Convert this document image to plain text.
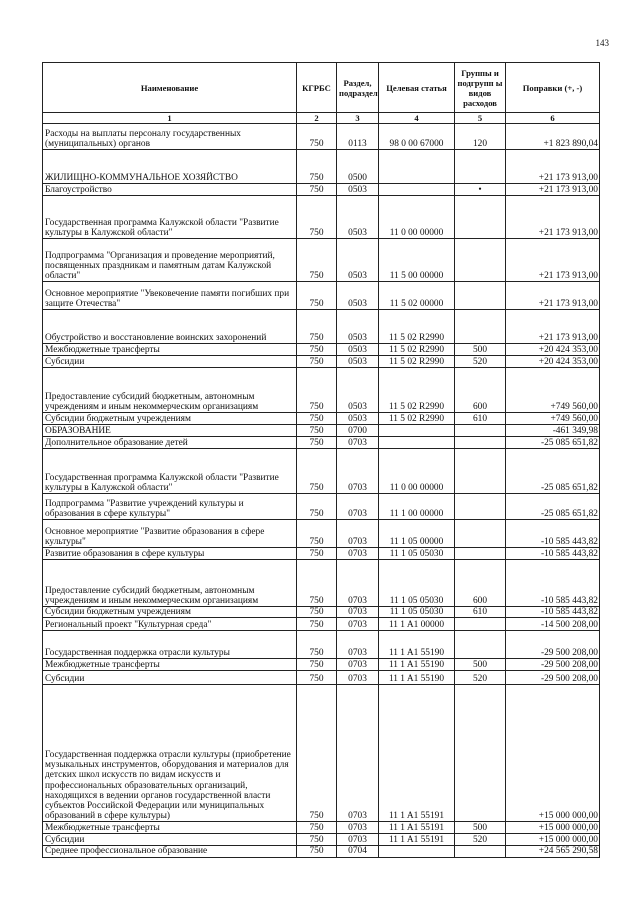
143
Наименование	КГРБС	Раздел, подраздел	Целевая статья	Группы и подгрупп ы видов расходов	Поправки (+, -)
1	2	3	4	5	6
Расходы на выплаты персоналу государственных (муниципальных) органов	750	0113	98 0 00 67000	120	+1 823 890,04
ЖИЛИЩНО-КОММУНАЛЬНОЕ ХОЗЯЙСТВО	750	0500			+21 173 913,00
Благоустройство	750	0503		•	+21 173 913,00
Государственная программа Калужской области "Развитие культуры в Калужской области"	750	0503	11 0 00 00000		+21 173 913,00
Подпрограмма "Организация и проведение мероприятий, посвященных праздникам и памятным датам Калужской области"	750	0503	11 5 00 00000		+21 173 913,00
Основное мероприятие "Увековечение памяти погибших при защите Отечества"	750	0503	11 5 02 00000		+21 173 913,00
Обустройство и восстановление воинских захоронений	750	0503	11 5 02 R2990		+21 173 913,00
Межбюджетные трансферты	750	0503	11 5 02 R2990	500	+20 424 353,00
Субсидии	750	0503	11 5 02 R2990	520	+20 424 353,00
Предоставление субсидий бюджетным, автономным учреждениям и иным некоммерческим организациям	750	0503	11 5 02 R2990	600	+749 560,00
Субсидии бюджетным учреждениям	750	0503	11 5 02 R2990	610	+749 560,00
ОБРАЗОВАНИЕ	750	0700			-461 349,98
Дополнительное образование детей	750	0703			-25 085 651,82
Государственная программа Калужской области "Развитие культуры в Калужской области"	750	0703	11 0 00 00000		-25 085 651,82
Подпрограмма "Развитие учреждений культуры и образования в сфере культуры"	750	0703	11 1 00 00000		-25 085 651,82
Основное мероприятие "Развитие образования в сфере культуры"	750	0703	11 1 05 00000		-10 585 443,82
Развитие образования в сфере культуры	750	0703	11 1 05 05030		-10 585 443,82
Предоставление субсидий бюджетным, автономным учреждениям и иным некоммерческим организациям	750	0703	11 1 05 05030	600	-10 585 443,82
Субсидии бюджетным учреждениям	750	0703	11 1 05 05030	610	-10 585 443,82
Региональный проект "Культурная среда"	750	0703	11 1 A1 00000		-14 500 208,00
Государственная поддержка отрасли культуры	750	0703	11 1 A1 55190		-29 500 208,00
Межбюджетные трансферты	750	0703	11 1 A1 55190	500	-29 500 208,00
Субсидии	750	0703	11 1 A1 55190	520	-29 500 208,00
Государственная поддержка отрасли культуры (приобретение музыкальных инструментов, оборудования и материалов для детских школ искусств по видам искусств и профессиональных образовательных организаций, находящихся в ведении органов государственной власти субъектов Российской Федерации или муниципальных образований в сфере культуры)	750	0703	11 1 A1 55191		+15 000 000,00
Межбюджетные трансферты	750	0703	11 1 A1 55191	500	+15 000 000,00
Субсидии	750	0703	11 1 A1 55191	520	+15 000 000,00
Среднее профессиональное образование	750	0704			+24 565 290,58
